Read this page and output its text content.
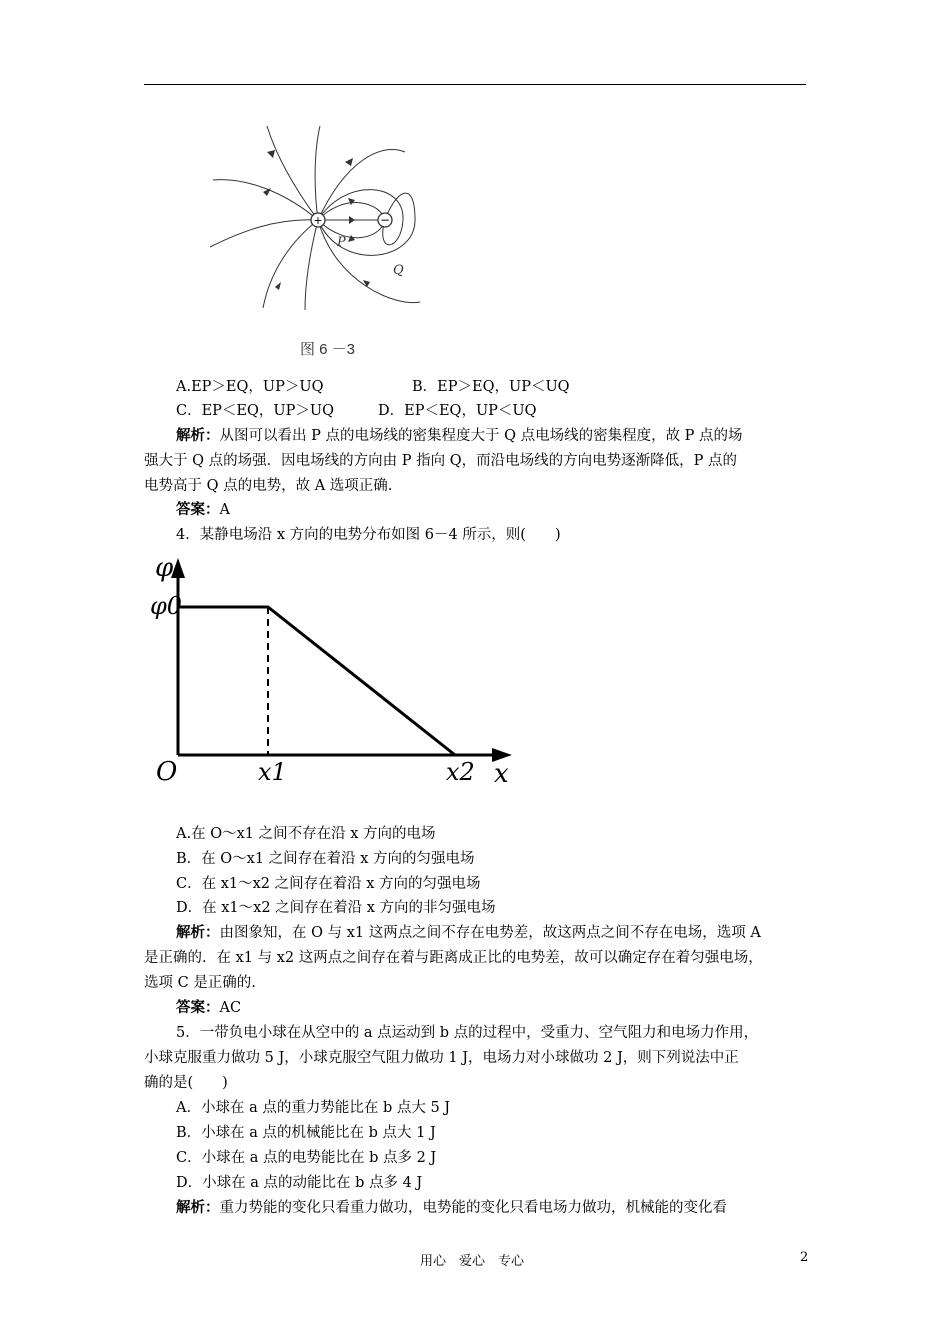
+	−
P
Q
图 6 －3
A.EP＞EQ，UP＞UQ	B．EP＞EQ，UP＜UQ
C．EP＜EQ，UP＞UQ	D．EP＜EQ，UP＜UQ
解析：从图可以看出 P 点的电场线的密集程度大于 Q 点电场线的密集程度，故 P 点的场
强大于 Q 点的场强．因电场线的方向由 P 指向 Q，而沿电场线的方向电势逐渐降低，P 点的
电势高于 Q 点的电势，故 A 选项正确.
答案：A
4．某静电场沿 x 方向的电势分布如图 6－4 所示，则(　　)
φ
φ0
O	x1	x2 x
A.在 O～x1 之间不存在沿 x 方向的电场
B．在 O～x1 之间存在着沿 x 方向的匀强电场
C．在 x1～x2 之间存在着沿 x 方向的匀强电场
D．在 x1～x2 之间存在着沿 x 方向的非匀强电场
解析：由图象知，在 O 与 x1 这两点之间不存在电势差，故这两点之间不存在电场，选项 A
是正确的．在 x1 与 x2 这两点之间存在着与距离成正比的电势差，故可以确定存在着匀强电场，
选项 C 是正确的.
答案：AC
5．一带负电小球在从空中的 a 点运动到 b 点的过程中，受重力、空气阻力和电场力作用，
小球克服重力做功 5 J，小球克服空气阻力做功 1 J，电场力对小球做功 2 J，则下列说法中正
确的是(　　)
A．小球在 a 点的重力势能比在 b 点大 5 J
B．小球在 a 点的机械能比在 b 点大 1 J
C．小球在 a 点的电势能比在 b 点多 2 J
D．小球在 a 点的动能比在 b 点多 4 J
解析：重力势能的变化只看重力做功，电势能的变化只看电场力做功，机械能的变化看
用心　爱心　专心	2
